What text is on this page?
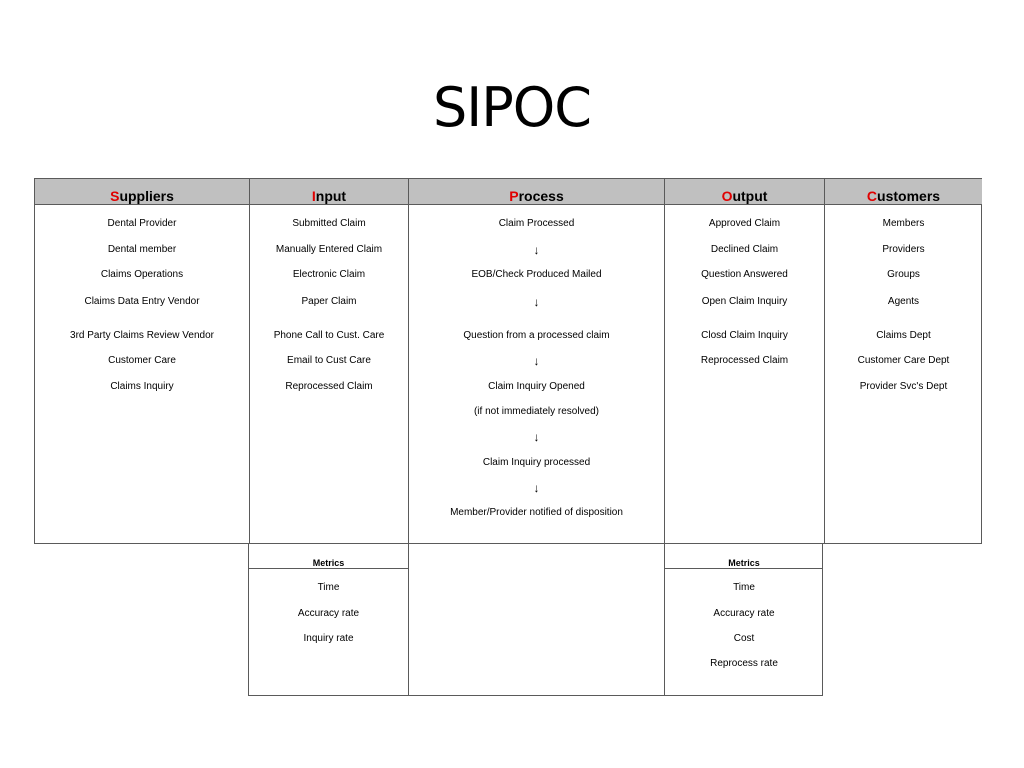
SIPOC
Suppliers
Dental Provider
Dental member
Claims Operations
Claims Data Entry Vendor
3rd Party Claims Review Vendor
Customer Care
Claims Inquiry
Input
Submitted Claim
Manually Entered Claim
Electronic Claim
Paper Claim
Phone Call to Cust. Care
Email to Cust Care
Reprocessed Claim
Process
Claim Processed
↓
EOB/Check Produced Mailed
↓
Question from a processed claim
↓
Claim Inquiry Opened
(if not immediately resolved)
↓
Claim Inquiry processed
↓
Member/Provider notified of disposition
Output
Approved Claim
Declined Claim
Question Answered
Open Claim Inquiry
Closd Claim Inquiry
Reprocessed Claim
Customers
Members
Providers
Groups
Agents
Claims Dept
Customer Care Dept
Provider Svc's Dept
Metrics
Time
Accuracy rate
Inquiry rate
Metrics
Time
Accuracy rate
Cost
Reprocess rate
